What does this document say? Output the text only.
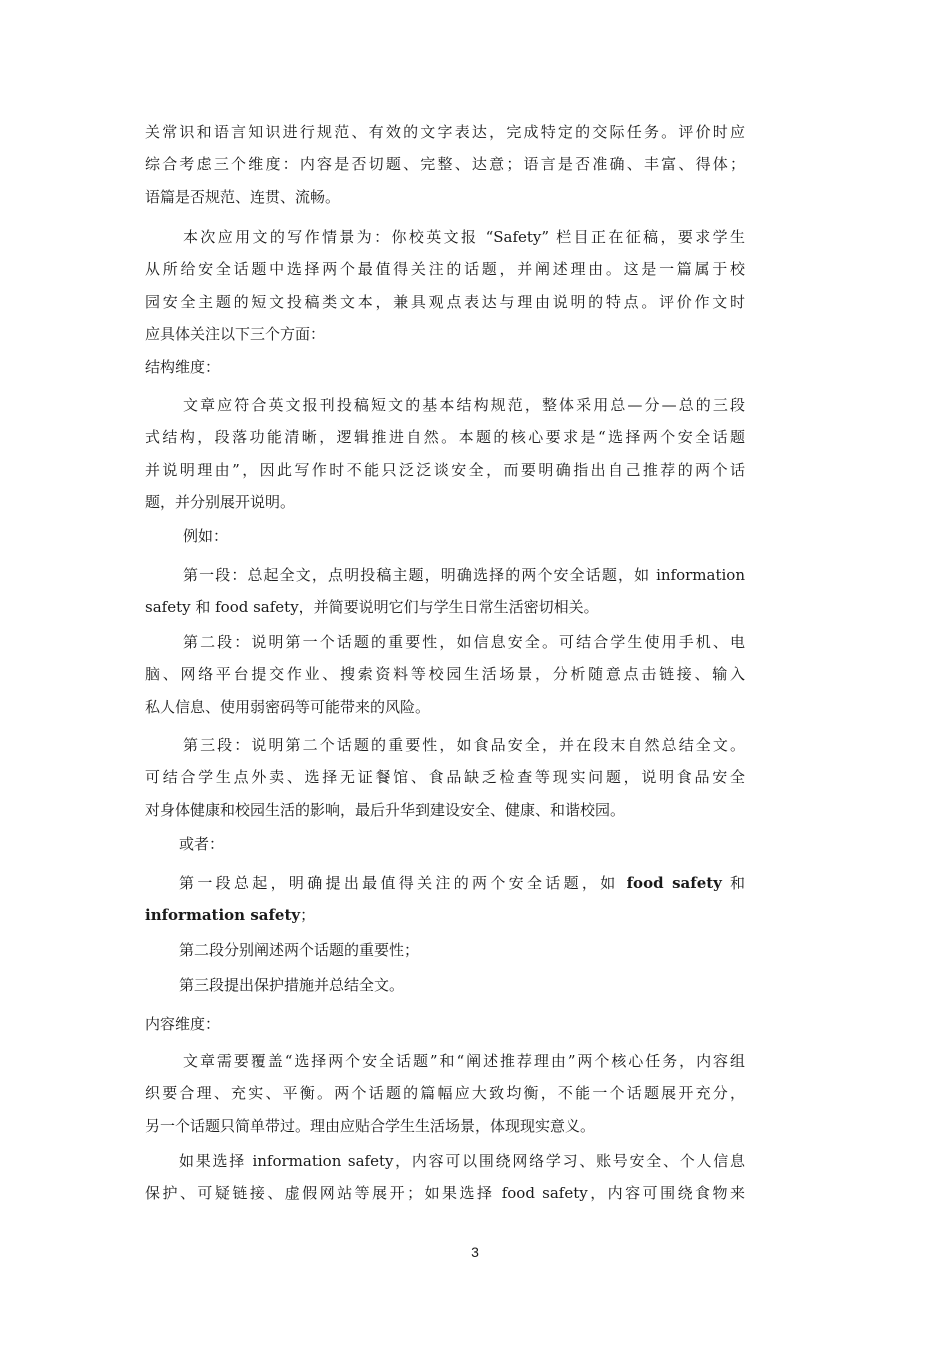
关常识和语言知识进行规范、有效的文字表达，完成特定的交际任务。评价时应
综合考虑三个维度：内容是否切题、完整、达意；语言是否准确、丰富、得体；
语篇是否规范、连贯、流畅。
本次应用文的写作情景为：你校英文报 “Safety” 栏目正在征稿，要求学生
从所给安全话题中选择两个最值得关注的话题，并阐述理由。这是一篇属于校
园安全主题的短文投稿类文本，兼具观点表达与理由说明的特点。评价作文时
应具体关注以下三个方面：
结构维度：
文章应符合英文报刊投稿短文的基本结构规范，整体采用总—分—总的三段
式结构，段落功能清晰，逻辑推进自然。本题的核心要求是“选择两个安全话题
并说明理由”，因此写作时不能只泛泛谈安全，而要明确指出自己推荐的两个话
题，并分别展开说明。
例如：
第一段：总起全文，点明投稿主题，明确选择的两个安全话题，如 information
safety 和 food safety，并简要说明它们与学生日常生活密切相关。
第二段：说明第一个话题的重要性，如信息安全。可结合学生使用手机、电
脑、网络平台提交作业、搜索资料等校园生活场景，分析随意点击链接、输入
私人信息、使用弱密码等可能带来的风险。
第三段：说明第二个话题的重要性，如食品安全，并在段末自然总结全文。
可结合学生点外卖、选择无证餐馆、食品缺乏检查等现实问题，说明食品安全
对身体健康和校园生活的影响，最后升华到建设安全、健康、和谐校园。
或者：
第一段总起，明确提出最值得关注的两个安全话题，如 food safety 和
information safety；
第二段分别阐述两个话题的重要性；
第三段提出保护措施并总结全文。
内容维度：
文章需要覆盖“选择两个安全话题”和“阐述推荐理由”两个核心任务，内容组
织要合理、充实、平衡。两个话题的篇幅应大致均衡，不能一个话题展开充分，
另一个话题只简单带过。理由应贴合学生生活场景，体现现实意义。
如果选择 information safety，内容可以围绕网络学习、账号安全、个人信息
保护、可疑链接、虚假网站等展开；如果选择 food safety，内容可围绕食物来
3
